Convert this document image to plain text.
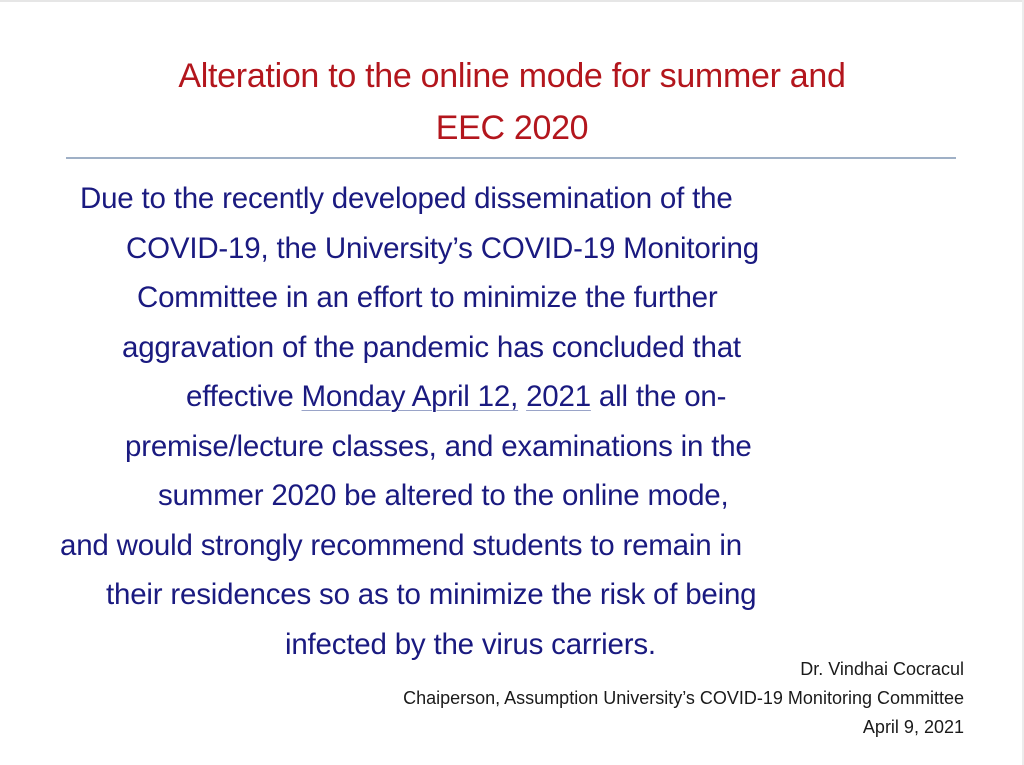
Alteration to the online mode for summer and
EEC 2020
Due to the recently developed dissemination of the
COVID-19, the University’s COVID-19 Monitoring
Committee in an effort to minimize the further
aggravation of the pandemic has concluded that
effective Monday April 12, 2021 all the on-
premise/lecture classes, and examinations in the
summer 2020 be altered to the online mode,
and would strongly recommend students to remain in
their residences so as to minimize the risk of being
infected by the virus carriers.
Dr. Vindhai Cocracul
Chaiperson, Assumption University’s COVID-19 Monitoring Committee
April 9, 2021
